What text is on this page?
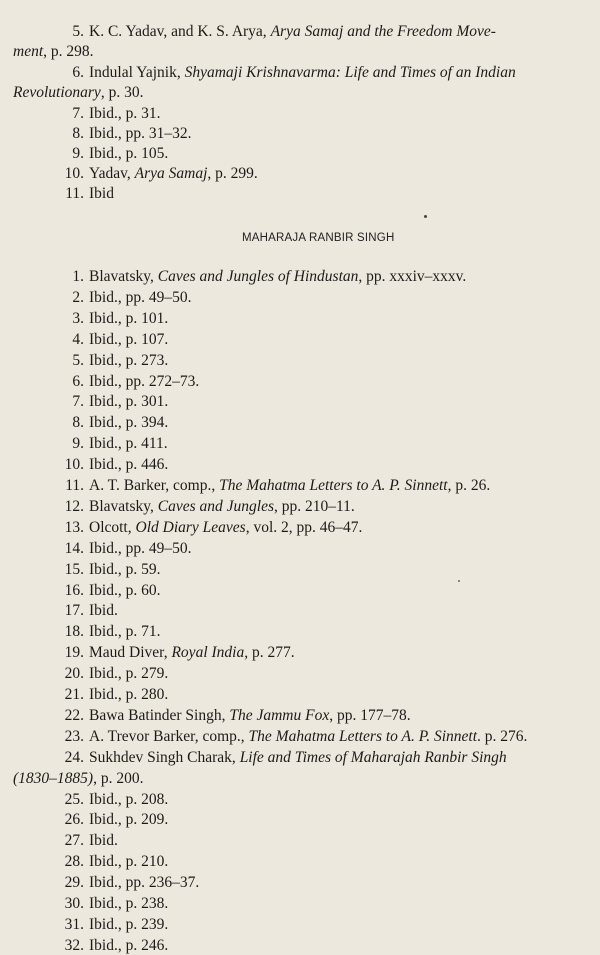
5. K. C. Yadav, and K. S. Arya, Arya Samaj and the Freedom Move-
ment, p. 298.
6. Indulal Yajnik, Shyamaji Krishnavarma: Life and Times of an Indian
Revolutionary, p. 30.
7. Ibid., p. 31.
8. Ibid., pp. 31–32.
9. Ibid., p. 105.
10. Yadav, Arya Samaj, p. 299.
11. Ibid
MAHARAJA RANBIR SINGH
1. Blavatsky, Caves and Jungles of Hindustan, pp. xxxiv–xxxv.
2. Ibid., pp. 49–50.
3. Ibid., p. 101.
4. Ibid., p. 107.
5. Ibid., p. 273.
6. Ibid., pp. 272–73.
7. Ibid., p. 301.
8. Ibid., p. 394.
9. Ibid., p. 411.
10. Ibid., p. 446.
11. A. T. Barker, comp., The Mahatma Letters to A. P. Sinnett, p. 26.
12. Blavatsky, Caves and Jungles, pp. 210–11.
13. Olcott, Old Diary Leaves, vol. 2, pp. 46–47.
14. Ibid., pp. 49–50.
15. Ibid., p. 59.
16. Ibid., p. 60.
17. Ibid.
18. Ibid., p. 71.
19. Maud Diver, Royal India, p. 277.
20. Ibid., p. 279.
21. Ibid., p. 280.
22. Bawa Batinder Singh, The Jammu Fox, pp. 177–78.
23. A. Trevor Barker, comp., The Mahatma Letters to A. P. Sinnett. p. 276.
24. Sukhdev Singh Charak, Life and Times of Maharajah Ranbir Singh
(1830–1885), p. 200.
25. Ibid., p. 208.
26. Ibid., p. 209.
27. Ibid.
28. Ibid., p. 210.
29. Ibid., pp. 236–37.
30. Ibid., p. 238.
31. Ibid., p. 239.
32. Ibid., p. 246.
